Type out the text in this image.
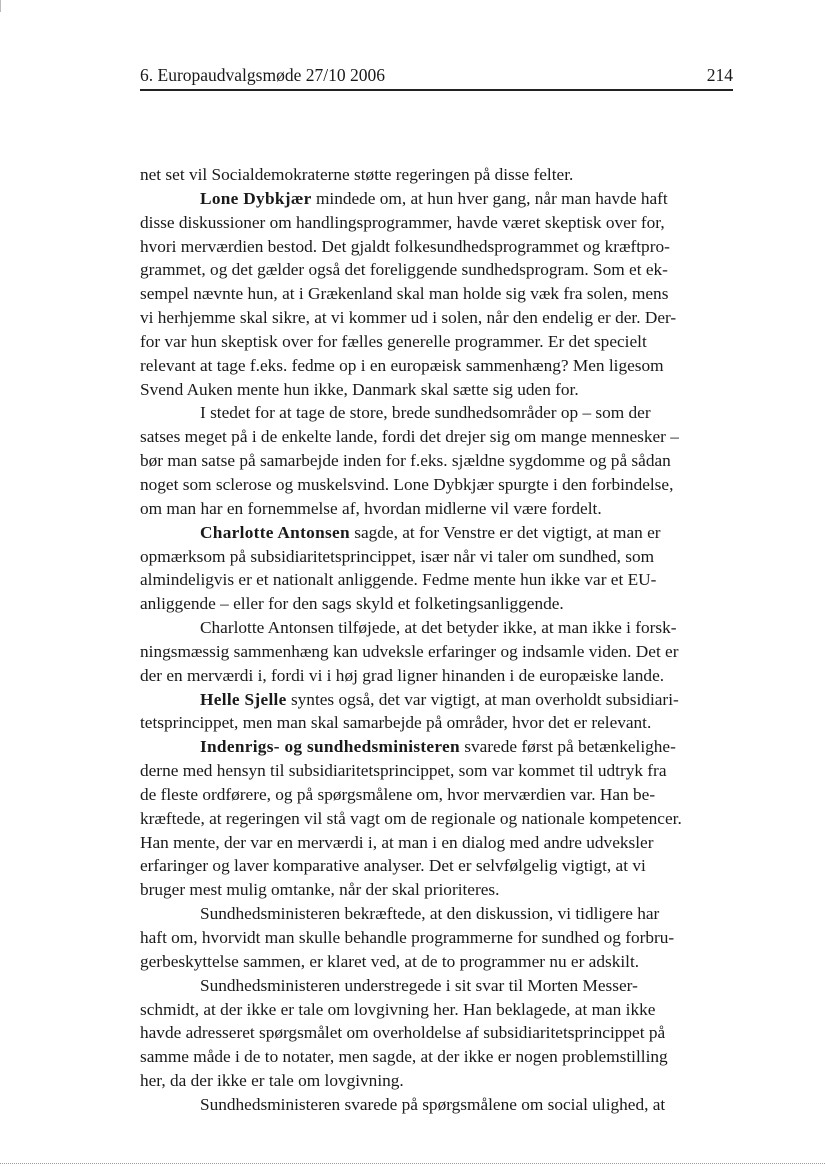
6. Europaudvalgsmøde 27/10 2006	214
net set vil Socialdemokraterne støtte regeringen på disse felter.
Lone Dybkjær mindede om, at hun hver gang, når man havde haft
disse diskussioner om handlingsprogrammer, havde været skeptisk over for,
hvori merværdien bestod. Det gjaldt folkesundhedsprogrammet og kræftpro-
grammet, og det gælder også det foreliggende sundhedsprogram. Som et ek-
sempel nævnte hun, at i Grækenland skal man holde sig væk fra solen, mens
vi herhjemme skal sikre, at vi kommer ud i solen, når den endelig er der. Der-
for var hun skeptisk over for fælles generelle programmer. Er det specielt
relevant at tage f.eks. fedme op i en europæisk sammenhæng? Men ligesom
Svend Auken mente hun ikke, Danmark skal sætte sig uden for.
I stedet for at tage de store, brede sundhedsområder op – som der
satses meget på i de enkelte lande, fordi det drejer sig om mange mennesker –
bør man satse på samarbejde inden for f.eks. sjældne sygdomme og på sådan
noget som sclerose og muskelsvind. Lone Dybkjær spurgte i den forbindelse,
om man har en fornemmelse af, hvordan midlerne vil være fordelt.
Charlotte Antonsen sagde, at for Venstre er det vigtigt, at man er
opmærksom på subsidiaritetsprincippet, især når vi taler om sundhed, som
almindeligvis er et nationalt anliggende. Fedme mente hun ikke var et EU-
anliggende – eller for den sags skyld et folketingsanliggende.
Charlotte Antonsen tilføjede, at det betyder ikke, at man ikke i forsk-
ningsmæssig sammenhæng kan udveksle erfaringer og indsamle viden. Det er
der en merværdi i, fordi vi i høj grad ligner hinanden i de europæiske lande.
Helle Sjelle syntes også, det var vigtigt, at man overholdt subsidiari-
tetsprincippet, men man skal samarbejde på områder, hvor det er relevant.
Indenrigs- og sundhedsministeren svarede først på betænkelighe-
derne med hensyn til subsidiaritetsprincippet, som var kommet til udtryk fra
de fleste ordførere, og på spørgsmålene om, hvor merværdien var. Han be-
kræftede, at regeringen vil stå vagt om de regionale og nationale kompetencer.
Han mente, der var en merværdi i, at man i en dialog med andre udveksler
erfaringer og laver komparative analyser. Det er selvfølgelig vigtigt, at vi
bruger mest mulig omtanke, når der skal prioriteres.
Sundhedsministeren bekræftede, at den diskussion, vi tidligere har
haft om, hvorvidt man skulle behandle programmerne for sundhed og forbru-
gerbeskyttelse sammen, er klaret ved, at de to programmer nu er adskilt.
Sundhedsministeren understregede i sit svar til Morten Messer-
schmidt, at der ikke er tale om lovgivning her. Han beklagede, at man ikke
havde adresseret spørgsmålet om overholdelse af subsidiaritetsprincippet på
samme måde i de to notater, men sagde, at der ikke er nogen problemstilling
her, da der ikke er tale om lovgivning.
Sundhedsministeren svarede på spørgsmålene om social ulighed, at
